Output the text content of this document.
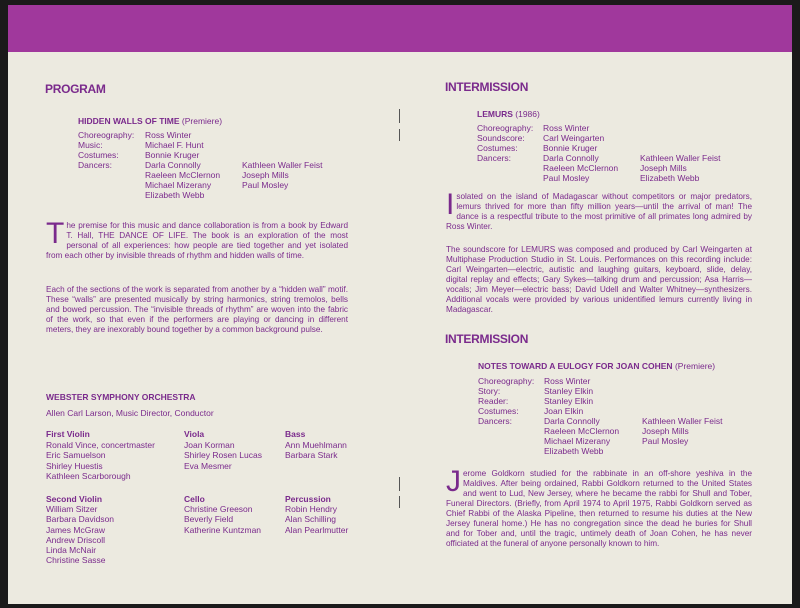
PROGRAM
HIDDEN WALLS OF TIME (Premiere)
Choreography:
Music:
Costumes:
Dancers:
Ross Winter
Michael F. Hunt
Bonnie Kruger
Darla Connolly
Raeleen McClernon
Michael Mizerany
Elizabeth Webb
Kathleen Waller Feist
Joseph Mills
Paul Mosley
The premise for this music and dance collaboration is from a book by Edward T. Hall, THE DANCE OF LIFE. The book is an exploration of the most personal of all experiences: how people are tied together and yet isolated from each other by invisible threads of rhythm and hidden walls of time.
Each of the sections of the work is separated from another by a “hidden wall” motif. These “walls” are presented musically by string harmonics, string tremolos, bells and bowed percussion. The “invisible threads of rhythm” are woven into the fabric of the work, so that even if the performers are playing or dancing in different meters, they are inexorably bound together by a common background pulse.
WEBSTER SYMPHONY ORCHESTRA
Allen Carl Larson, Music Director, Conductor
First Violin
Ronald Vince, concertmaster
Eric Samuelson
Shirley Huestis
Kathleen Scarborough
Viola
Joan Korman
Shirley Rosen Lucas
Eva Mesmer
Bass
Ann Muehlmann
Barbara Stark
Second Violin
William Sitzer
Barbara Davidson
James McGraw
Andrew Driscoll
Linda McNair
Christine Sasse
Cello
Christine Greeson
Beverly Field
Katherine Kuntzman
Percussion
Robin Hendry
Alan Schilling
Alan Pearlmutter
INTERMISSION
LEMURS (1986)
Choreography:
Soundscore:
Costumes:
Dancers:
Ross Winter
Carl Weingarten
Bonnie Kruger
Darla Connolly
Raeleen McClernon
Paul Mosley
Kathleen Waller Feist
Joseph Mills
Elizabeth Webb
Isolated on the island of Madagascar without competitors or major predators, lemurs thrived for more than fifty million years—until the arrival of man! The dance is a respectful tribute to the most primitive of all primates long admired by Ross Winter.
The soundscore for LEMURS was composed and produced by Carl Weingarten at Multiphase Production Studio in St. Louis. Performances on this recording include: Carl Weingarten—electric, autistic and laughing guitars, keyboard, slide, delay, digital replay and effects; Gary Sykes—talking drum and percussion; Asa Harris—vocals; Jim Meyer—electric bass; David Udell and Walter Whitney—synthesizers. Additional vocals were provided by various unidentified lemurs currently living in Madagascar.
INTERMISSION
NOTES TOWARD A EULOGY FOR JOAN COHEN (Premiere)
Choreography:
Story:
Reader:
Costumes:
Dancers:
Ross Winter
Stanley Elkin
Stanley Elkin
Joan Elkin
Darla Connolly
Raeleen McClernon
Michael Mizerany
Elizabeth Webb
Kathleen Waller Feist
Joseph Mills
Paul Mosley
Jerome Goldkorn studied for the rabbinate in an off-shore yeshiva in the Maldives. After being ordained, Rabbi Goldkorn returned to the United States and went to Lud, New Jersey, where he became the rabbi for Shull and Tober, Funeral Directors. (Briefly, from April 1974 to April 1975, Rabbi Goldkorn served as Chief Rabbi of the Alaska Pipeline, then returned to resume his duties at the New Jersey funeral home.) He has no congregation since the dead he buries for Shull and for Tober and, until the tragic, untimely death of Joan Cohen, he has never officiated at the funeral of anyone personally known to him.
